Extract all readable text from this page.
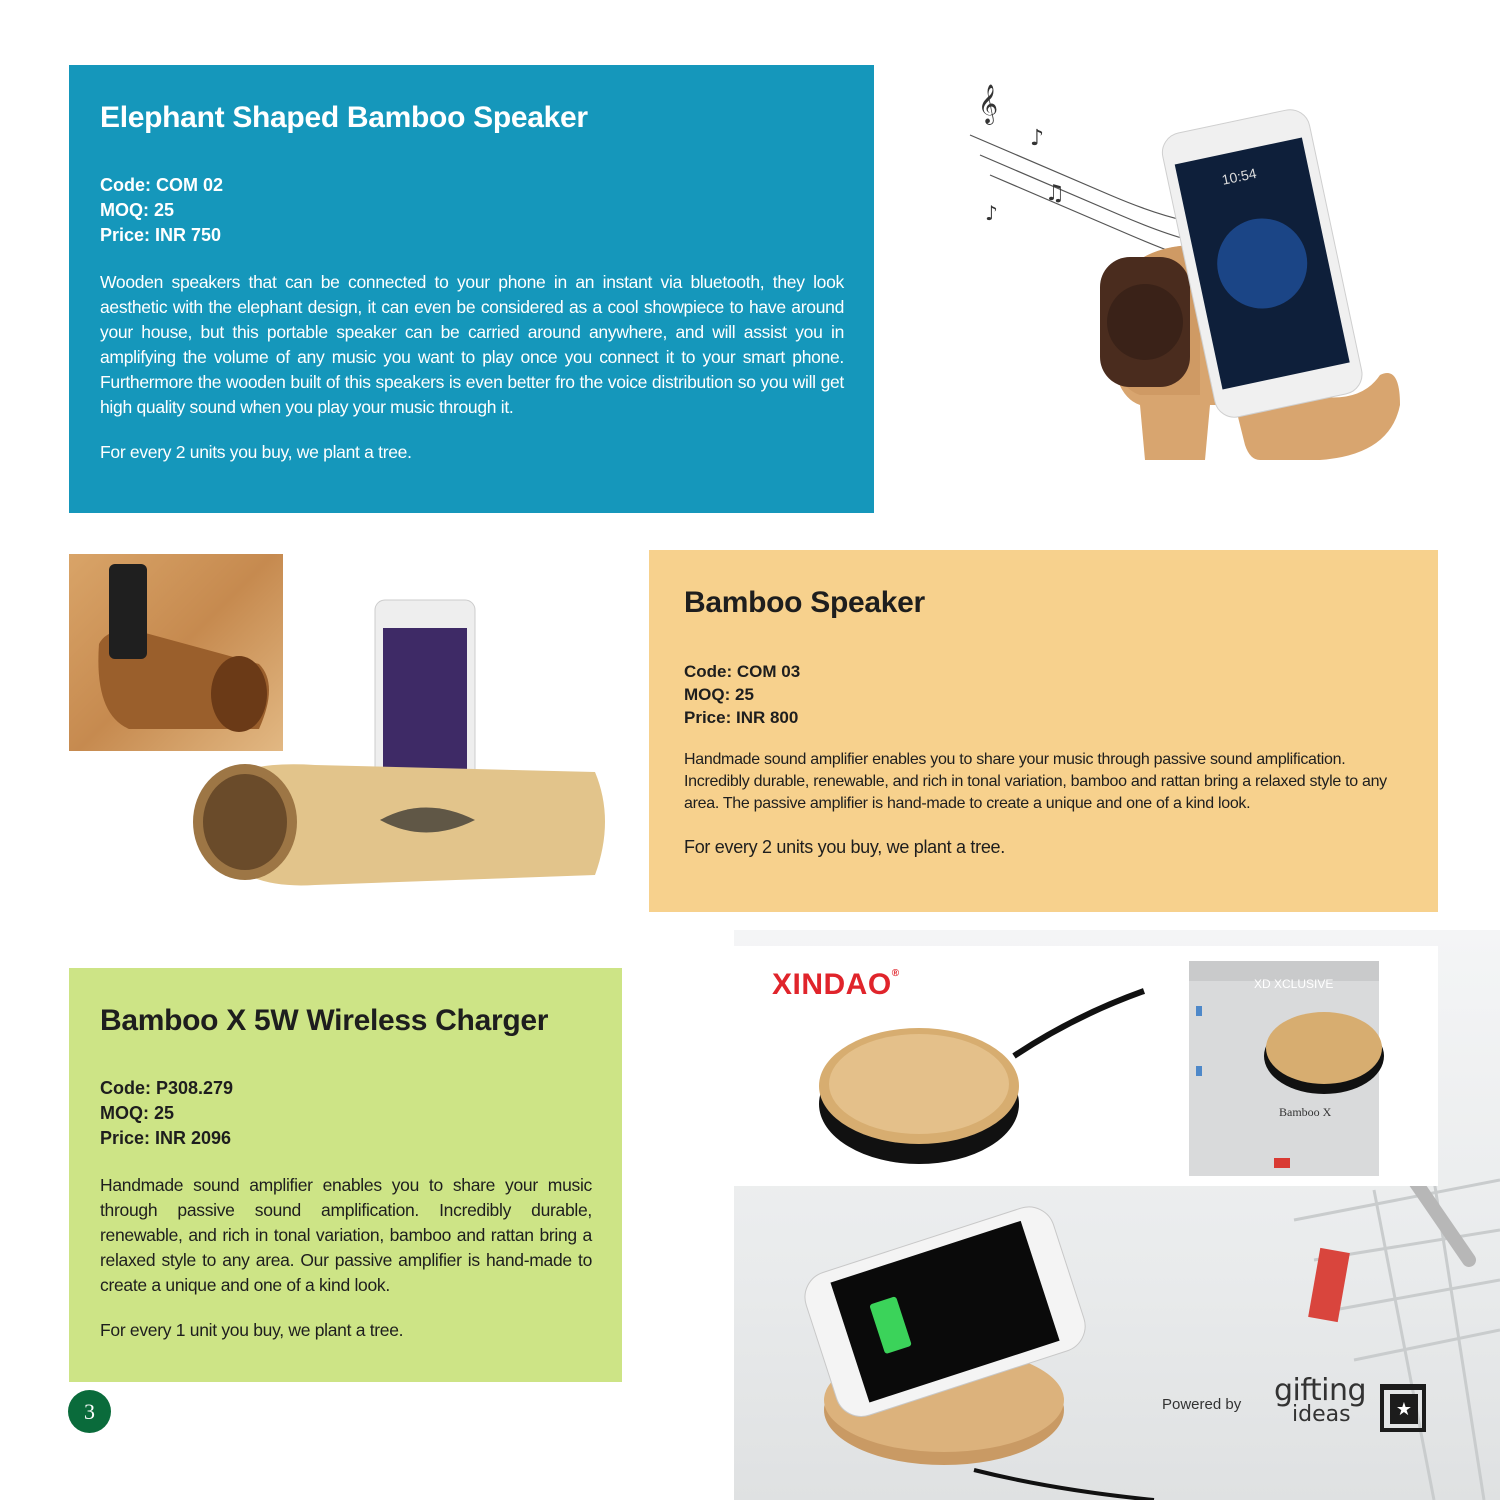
Elephant Shaped Bamboo Speaker
Code: COM 02
MOQ: 25
Price: INR 750

Wooden speakers that can be connected to your phone in an instant via bluetooth, they look aesthetic with the elephant design, it can even be considered as a cool showpiece to have around your house, but this portable speaker can be carried around anywhere, and will assist you in amplifying the volume of any music you want to play once you connect it to your smart phone. Furthermore the wooden built of this speakers is even better fro the voice distribution so you will get high quality sound when you play your music through it.

For every 2 units you buy, we plant a tree.

𝄞
♪
♫
♪
10:54
Bamboo Speaker
Code: COM 03
MOQ: 25
Price: INR 800

Handmade sound amplifier enables you to share your music through passive sound amplification. Incredibly durable, renewable, and rich in tonal variation, bamboo and rattan bring a relaxed style to any area. The passive amplifier is hand-made to create a unique and one of a kind look.

For every 2 units you buy, we plant a tree.

XD XCLUSIVE
Bamboo X
XINDAO®
Bamboo X 5W Wireless Charger
Code: P308.279
MOQ: 25
Price: INR 2096

Handmade sound amplifier enables you to share your music through passive sound amplification. Incredibly durable, renewable, and rich in tonal variation, bamboo and rattan bring a relaxed style to any area. Our passive amplifier is hand-made to create a unique and one of a kind look.

For every 1 unit you buy, we plant a tree.

3	Powered by gifting
ideas	★
